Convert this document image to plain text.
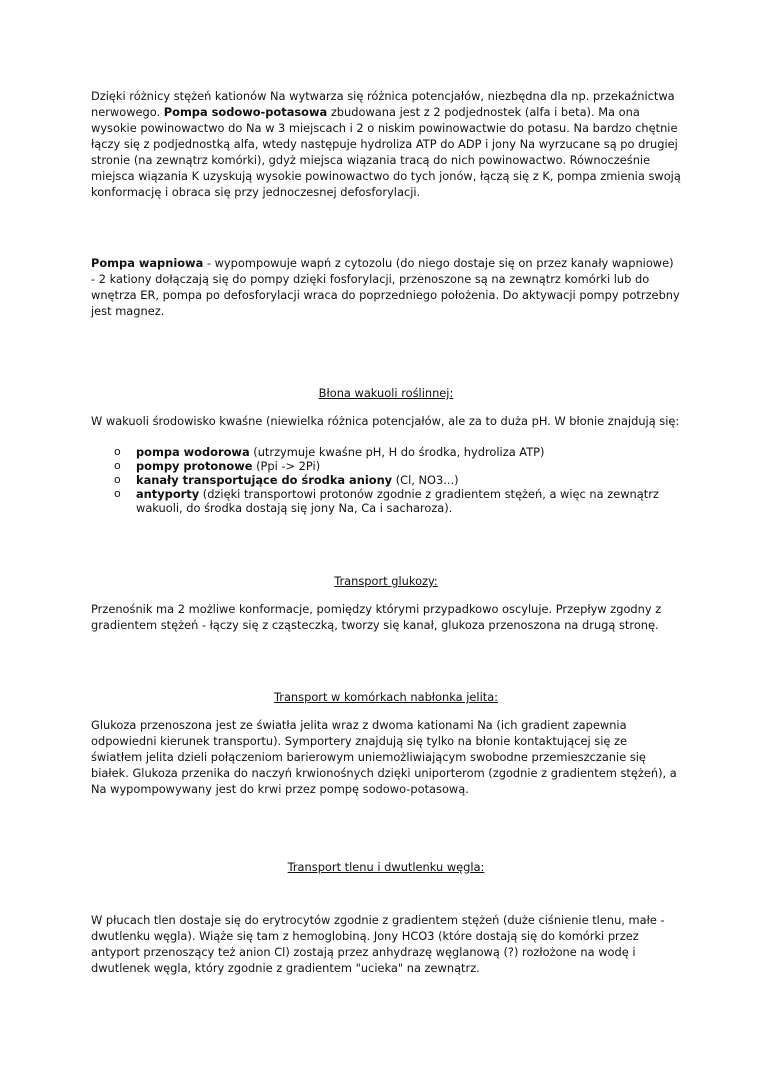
Dzięki różnicy stężeń kationów Na wytwarza się różnica potencjałów, niezbędna dla np. przekaźnictwa nerwowego. Pompa sodowo-potasowa zbudowana jest z 2 podjednostek (alfa i beta). Ma ona wysokie powinowactwo do Na w 3 miejscach i 2 o niskim powinowactwie do potasu. Na bardzo chętnie łączy się z podjednostką alfa, wtedy następuje hydroliza ATP do ADP i jony Na wyrzucane są po drugiej stronie (na zewnątrz komórki), gdyż miejsca wiązania tracą do nich powinowactwo. Równocześnie miejsca wiązania K uzyskują wysokie powinowactwo do tych jonów, łączą się z K, pompa zmienia swoją konformację i obraca się przy jednoczesnej defosforylacji.

Pompa wapniowa - wypompowuje wapń z cytozolu (do niego dostaje się on przez kanały wapniowe) - 2 kationy dołączają się do pompy dzięki fosforylacji, przenoszone są na zewnątrz komórki lub do wnętrza ER, pompa po defosforylacji wraca do poprzedniego położenia. Do aktywacji pompy potrzebny jest magnez.

Błona wakuoli roślinnej:

W wakuoli środowisko kwaśne (niewielka różnica potencjałów, ale za to duża pH. W błonie znajdują się:

o pompa wodorowa (utrzymuje kwaśne pH, H do środka, hydroliza ATP)
o pompy protonowe (Ppi -> 2Pi)
o kanały transportujące do środka aniony (Cl, NO3...)
o antyporty (dzięki transportowi protonów zgodnie z gradientem stężeń, a więc na zewnątrz wakuoli, do środka dostają się jony Na, Ca i sacharoza).
Transport glukozy:

Przenośnik ma 2 możliwe konformacje, pomiędzy którymi przypadkowo oscyluje. Przepływ zgodny z gradientem stężeń - łączy się z cząsteczką, tworzy się kanał, glukoza przenoszona na drugą stronę.

Transport w komórkach nabłonka jelita:

Glukoza przenoszona jest ze światła jelita wraz z dwoma kationami Na (ich gradient zapewnia odpowiedni kierunek transportu). Symportery znajdują się tylko na błonie kontaktującej się ze światłem jelita dzieli połączeniom barierowym uniemożliwiającym swobodne przemieszczanie się białek. Glukoza przenika do naczyń krwionośnych dzięki uniporterom (zgodnie z gradientem stężeń), a Na wypompowywany jest do krwi przez pompę sodowo-potasową.

Transport tlenu i dwutlenku węgla:

W płucach tlen dostaje się do erytrocytów zgodnie z gradientem stężeń (duże ciśnienie tlenu, małe - dwutlenku węgla). Wiąże się tam z hemoglobiną. Jony HCO3 (które dostają się do komórki przez antyport przenoszący też anion Cl) zostają przez anhydrazę węglanową (?) rozłożone na wodę i dwutlenek węgla, który zgodnie z gradientem "ucieka" na zewnątrz.
